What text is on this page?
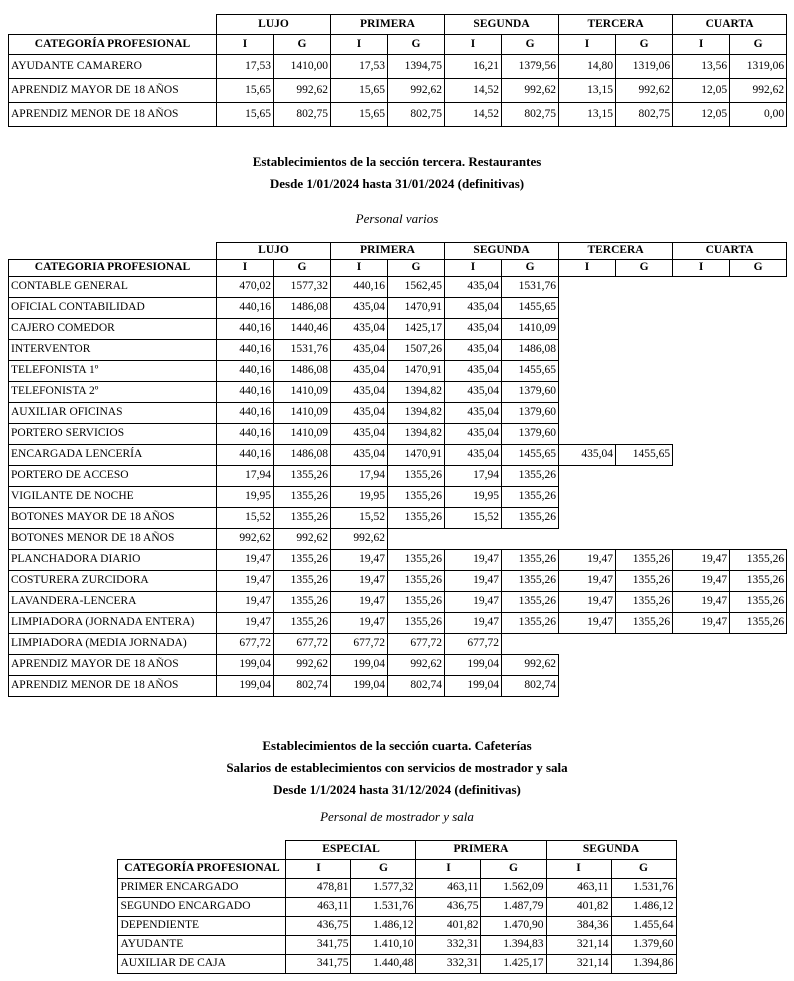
	LUJO		PRIMERA		SEGUNDA		TERCERA		CUARTA	
CATEGORÍA PROFESIONAL	I	G	I	G	I	G	I	G	I	G
AYUDANTE CAMARERO	17,53	1410,00	17,53	1394,75	16,21	1379,56	14,80	1319,06	13,56	1319,06
APRENDIZ MAYOR DE 18 AÑOS	15,65	992,62	15,65	992,62	14,52	992,62	13,15	992,62	12,05	992,62
APRENDIZ MENOR DE 18 AÑOS	15,65	802,75	15,65	802,75	14,52	802,75	13,15	802,75	12,05	0,00
Establecimientos de la sección tercera. Restaurantes
Desde 1/01/2024 hasta 31/01/2024 (definitivas)
Personal varios
	LUJO		PRIMERA		SEGUNDA		TERCERA		CUARTA	
CATEGORIA PROFESIONAL	I	G	I	G	I	G	I	G	I	G
CONTABLE GENERAL	470,02	1577,32	440,16	1562,45	435,04	1531,76				
OFICIAL CONTABILIDAD	440,16	1486,08	435,04	1470,91	435,04	1455,65				
CAJERO COMEDOR	440,16	1440,46	435,04	1425,17	435,04	1410,09				
INTERVENTOR	440,16	1531,76	435,04	1507,26	435,04	1486,08				
TELEFONISTA 1º	440,16	1486,08	435,04	1470,91	435,04	1455,65				
TELEFONISTA 2º	440,16	1410,09	435,04	1394,82	435,04	1379,60				
AUXILIAR OFICINAS	440,16	1410,09	435,04	1394,82	435,04	1379,60				
PORTERO SERVICIOS	440,16	1410,09	435,04	1394,82	435,04	1379,60				
ENCARGADA LENCERÍA	440,16	1486,08	435,04	1470,91	435,04	1455,65	435,04	1455,65		
PORTERO DE ACCESO	17,94	1355,26	17,94	1355,26	17,94	1355,26				
VIGILANTE DE NOCHE	19,95	1355,26	19,95	1355,26	19,95	1355,26				
BOTONES MAYOR DE 18 AÑOS	15,52	1355,26	15,52	1355,26	15,52	1355,26				
BOTONES MENOR DE 18 AÑOS	992,62	992,62	992,62							
PLANCHADORA DIARIO	19,47	1355,26	19,47	1355,26	19,47	1355,26	19,47	1355,26	19,47	1355,26
COSTURERA ZURCIDORA	19,47	1355,26	19,47	1355,26	19,47	1355,26	19,47	1355,26	19,47	1355,26
LAVANDERA-LENCERA	19,47	1355,26	19,47	1355,26	19,47	1355,26	19,47	1355,26	19,47	1355,26
LIMPIADORA (JORNADA ENTERA)	19,47	1355,26	19,47	1355,26	19,47	1355,26	19,47	1355,26	19,47	1355,26
LIMPIADORA (MEDIA JORNADA)	677,72	677,72	677,72	677,72	677,72					
APRENDIZ MAYOR DE 18 AÑOS	199,04	992,62	199,04	992,62	199,04	992,62				
APRENDIZ MENOR DE 18 AÑOS	199,04	802,74	199,04	802,74	199,04	802,74				
Establecimientos de la sección cuarta. Cafeterías
Salarios de establecimientos con servicios de mostrador y sala
Desde 1/1/2024 hasta 31/12/2024 (definitivas)
Personal de mostrador y sala
	ESPECIAL		PRIMERA		SEGUNDA	
CATEGORÍA PROFESIONAL	I	G	I	G	I	G
PRIMER ENCARGADO	478,81	1.577,32	463,11	1.562,09	463,11	1.531,76
SEGUNDO ENCARGADO	463,11	1.531,76	436,75	1.487,79	401,82	1.486,12
DEPENDIENTE	436,75	1.486,12	401,82	1.470,90	384,36	1.455,64
AYUDANTE	341,75	1.410,10	332,31	1.394,83	321,14	1.379,60
AUXILIAR DE CAJA	341,75	1.440,48	332,31	1.425,17	321,14	1.394,86
